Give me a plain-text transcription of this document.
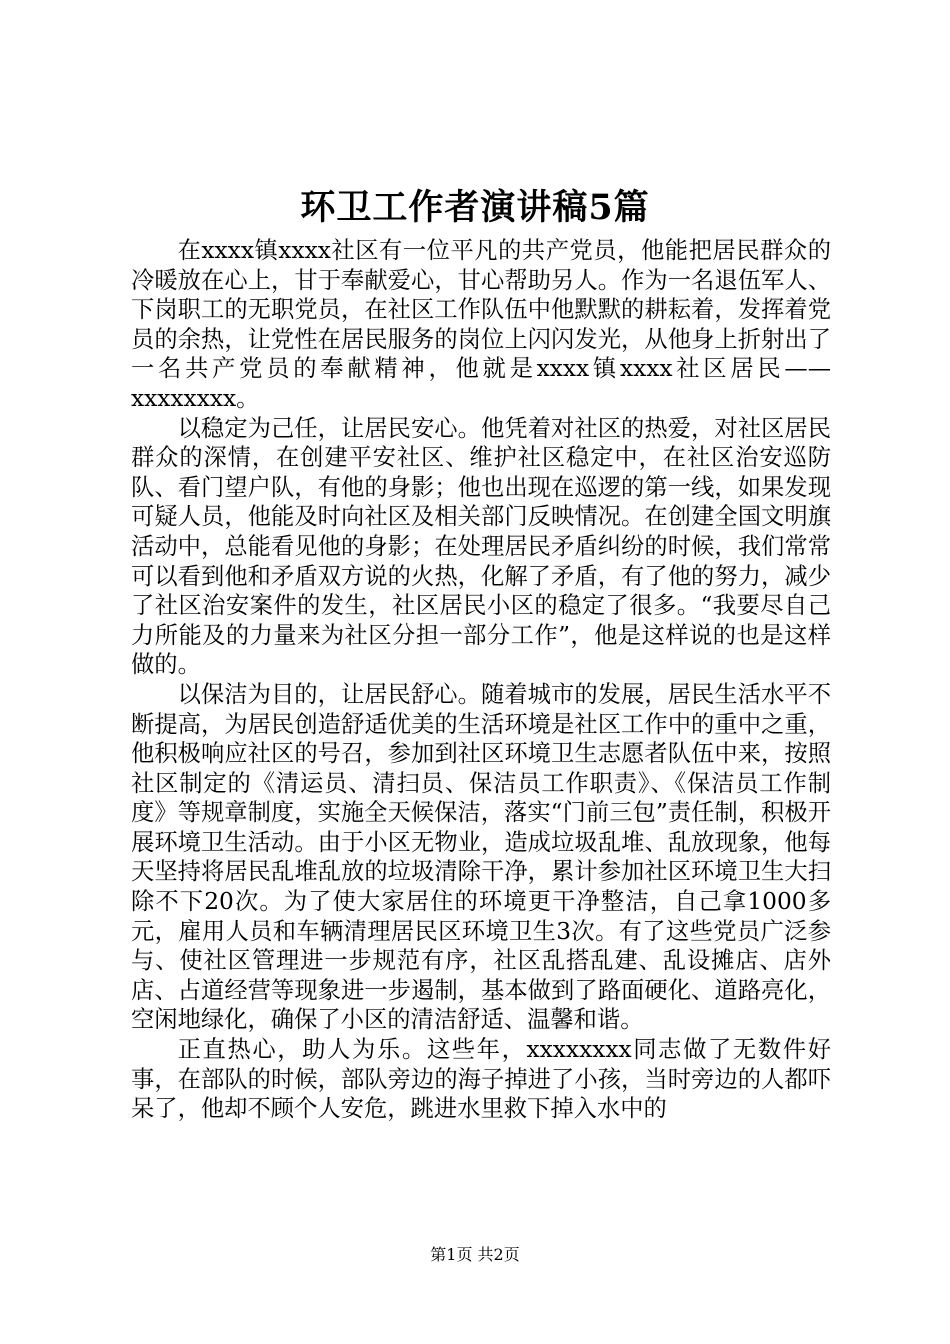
环卫工作者演讲稿5篇

在xxxx镇xxxx社区有一位平凡的共产党员，他能把居民群众的冷暖放在心上，甘于奉献爱心，甘心帮助另人。作为一名退伍军人、下岗职工的无职党员，在社区工作队伍中他默默的耕耘着，发挥着党员的余热，让党性在居民服务的岗位上闪闪发光，从他身上折射出了一名共产党员的奉献精神，他就是xxxx镇xxxx社区居民——xxxxxxxx。

以稳定为己任，让居民安心。他凭着对社区的热爱，对社区居民群众的深情，在创建平安社区、维护社区稳定中，在社区治安巡防队、看门望户队，有他的身影；他也出现在巡逻的第一线，如果发现可疑人员，他能及时向社区及相关部门反映情况。在创建全国文明旗活动中，总能看见他的身影；在处理居民矛盾纠纷的时候，我们常常可以看到他和矛盾双方说的火热，化解了矛盾，有了他的努力，减少了社区治安案件的发生，社区居民小区的稳定了很多。“我要尽自己力所能及的力量来为社区分担一部分工作”，他是这样说的也是这样做的。

以保洁为目的，让居民舒心。随着城市的发展，居民生活水平不断提高，为居民创造舒适优美的生活环境是社区工作中的重中之重，他积极响应社区的号召，参加到社区环境卫生志愿者队伍中来，按照社区制定的《清运员、清扫员、保洁员工作职责》、《保洁员工作制度》等规章制度，实施全天候保洁，落实“门前三包”责任制，积极开展环境卫生活动。由于小区无物业，造成垃圾乱堆、乱放现象，他每天坚持将居民乱堆乱放的垃圾清除干净，累计参加社区环境卫生大扫除不下20次。为了使大家居住的环境更干净整洁，自己拿1000多元，雇用人员和车辆清理居民区环境卫生3次。有了这些党员广泛参与、使社区管理进一步规范有序，社区乱搭乱建、乱设摊店、店外店、占道经营等现象进一步遏制，基本做到了路面硬化、道路亮化，空闲地绿化，确保了小区的清洁舒适、温馨和谐。

正直热心，助人为乐。这些年，xxxxxxxx同志做了无数件好事，在部队的时候，部队旁边的海子掉进了小孩，当时旁边的人都吓呆了，他却不顾个人安危，跳进水里救下掉入水中的

第1页 共2页
